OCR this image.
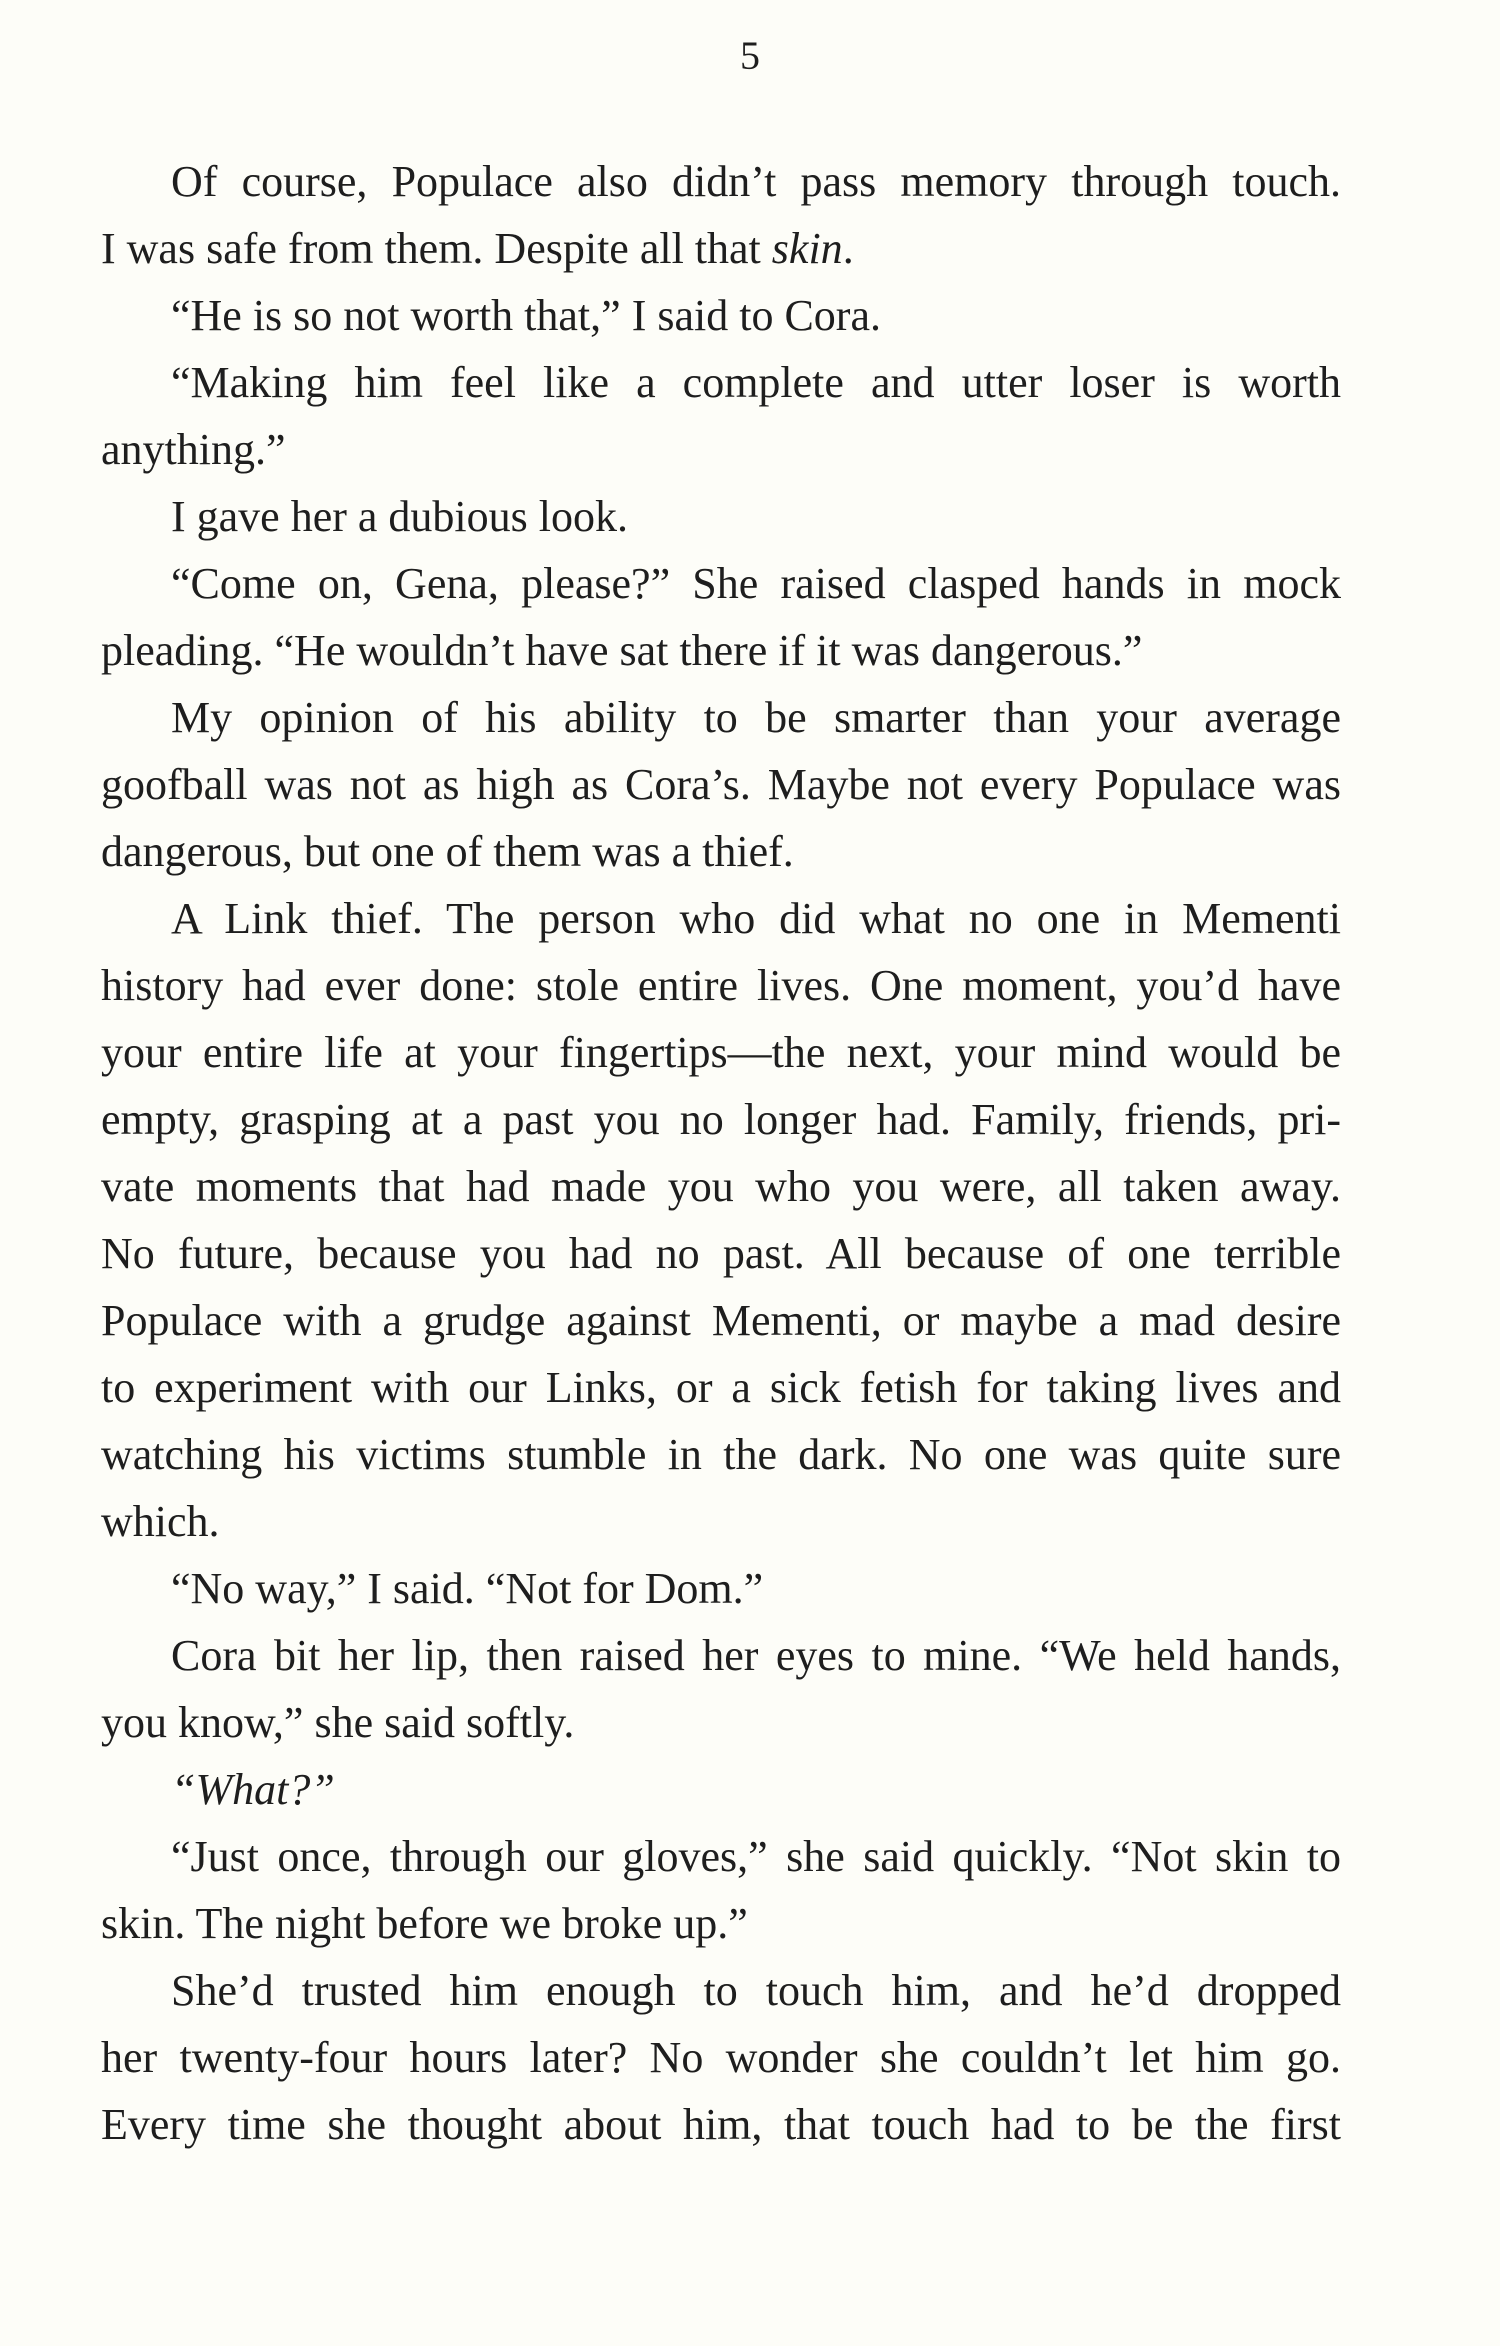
5
Of course, Populace also didn’t pass memory through touch.
I was safe from them. Despite all that skin.
“He is so not worth that,” I said to Cora.
“Making him feel like a complete and utter loser is worth
anything.”
I gave her a dubious look.
“Come on, Gena, please?” She raised clasped hands in mock
pleading. “He wouldn’t have sat there if it was dangerous.”
My opinion of his ability to be smarter than your average
goofball was not as high as Cora’s. Maybe not every Populace was
dangerous, but one of them was a thief.
A Link thief. The person who did what no one in Mementi
history had ever done: stole entire lives. One moment, you’d have
your entire life at your fingertips—the next, your mind would be
empty, grasping at a past you no longer had. Family, friends, pri-
vate moments that had made you who you were, all taken away.
No future, because you had no past. All because of one terrible
Populace with a grudge against Mementi, or maybe a mad desire
to experiment with our Links, or a sick fetish for taking lives and
watching his victims stumble in the dark. No one was quite sure
which.
“No way,” I said. “Not for Dom.”
Cora bit her lip, then raised her eyes to mine. “We held hands,
you know,” she said softly.
“What?”
“Just once, through our gloves,” she said quickly. “Not skin to
skin. The night before we broke up.”
She’d trusted him enough to touch him, and he’d dropped
her twenty-four hours later? No wonder she couldn’t let him go.
Every time she thought about him, that touch had to be the first
